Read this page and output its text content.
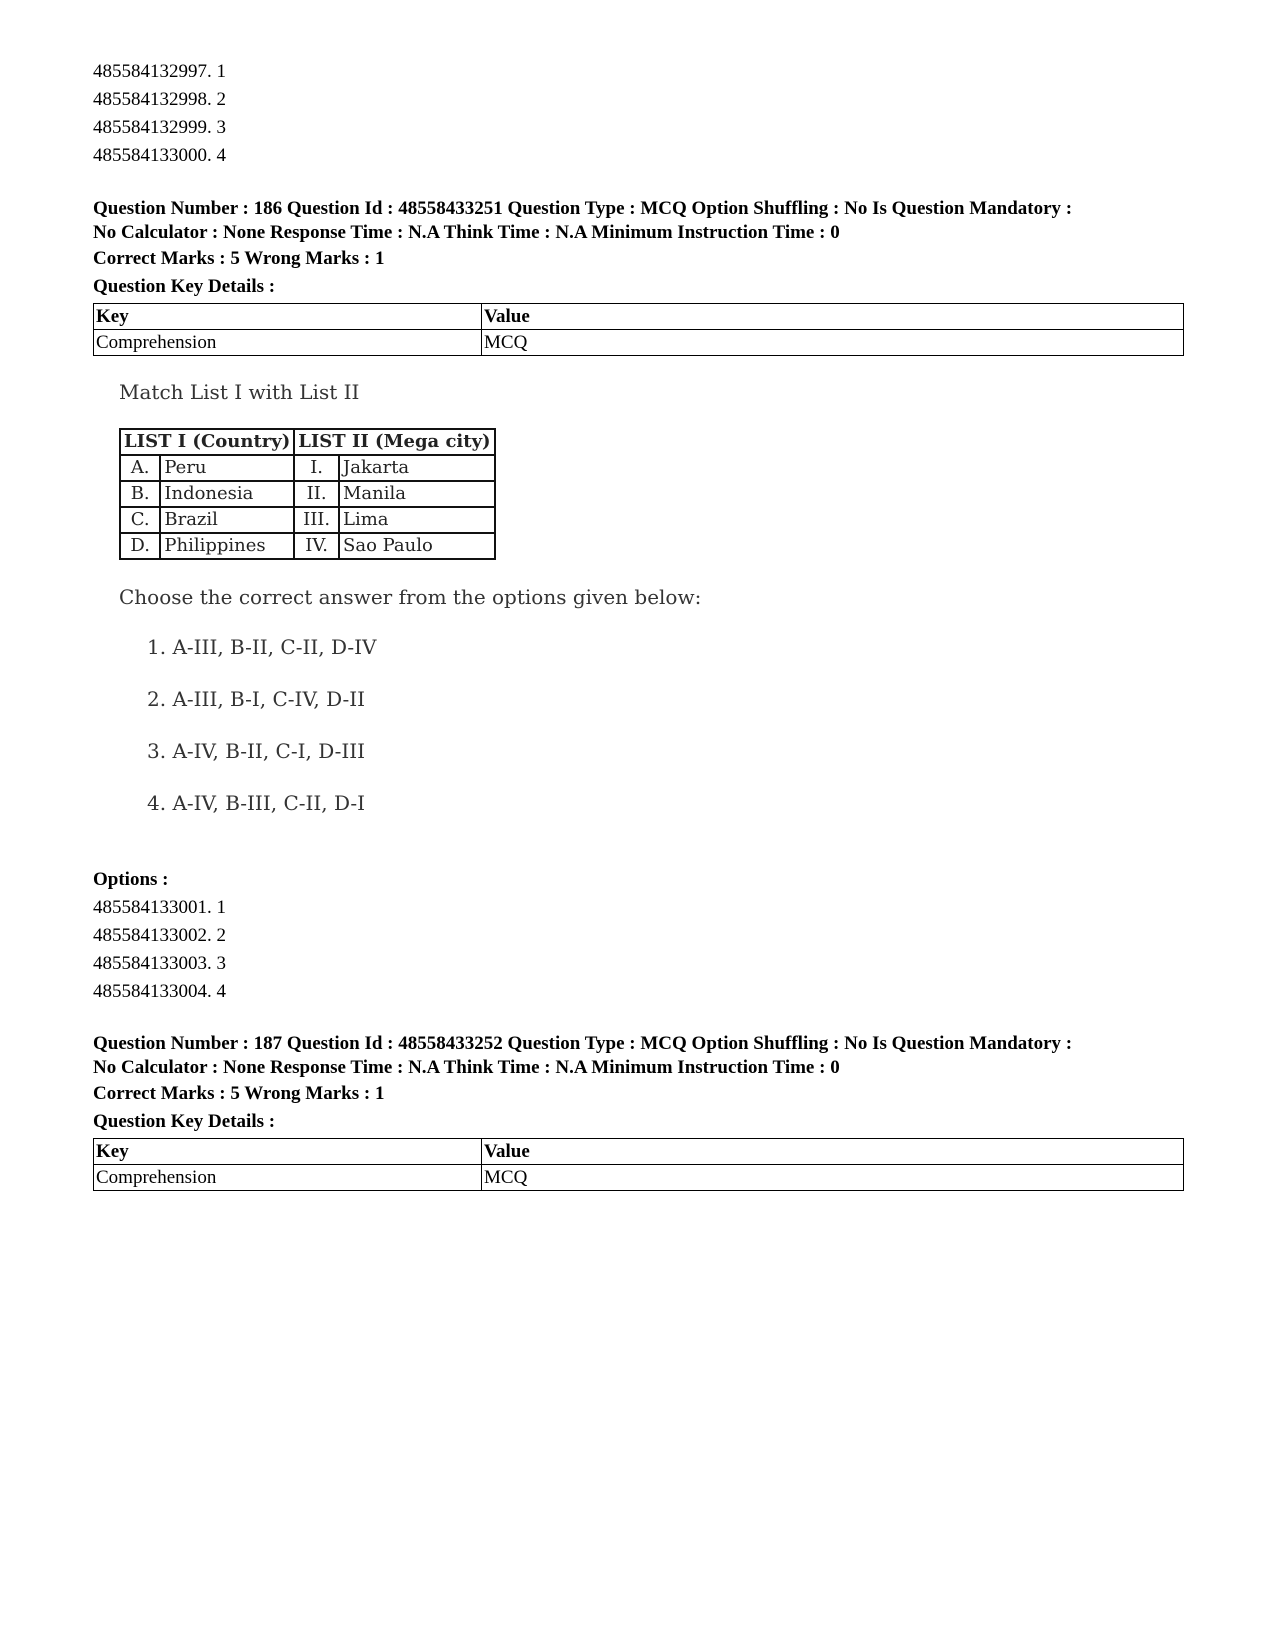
485584132997. 1
485584132998. 2
485584132999. 3
485584133000. 4
Question Number : 186 Question Id : 48558433251 Question Type : MCQ Option Shuffling : No Is Question Mandatory :
No Calculator : None Response Time : N.A Think Time : N.A Minimum Instruction Time : 0
Correct Marks : 5 Wrong Marks : 1
Question Key Details :
Key	Value
Comprehension	MCQ
Match List I with List II
LIST I (Country)		LIST II (Mega city)	
A.	Peru	I.	Jakarta
B.	Indonesia	II.	Manila
C.	Brazil	III.	Lima
D.	Philippines	IV.	Sao Paulo
Choose the correct answer from the options given below:
1. A-III, B-II, C-II, D-IV
2. A-III, B-I, C-IV, D-II
3. A-IV, B-II, C-I, D-III
4. A-IV, B-III, C-II, D-I
Options :
485584133001. 1
485584133002. 2
485584133003. 3
485584133004. 4
Question Number : 187 Question Id : 48558433252 Question Type : MCQ Option Shuffling : No Is Question Mandatory :
No Calculator : None Response Time : N.A Think Time : N.A Minimum Instruction Time : 0
Correct Marks : 5 Wrong Marks : 1
Question Key Details :
Key	Value
Comprehension	MCQ
